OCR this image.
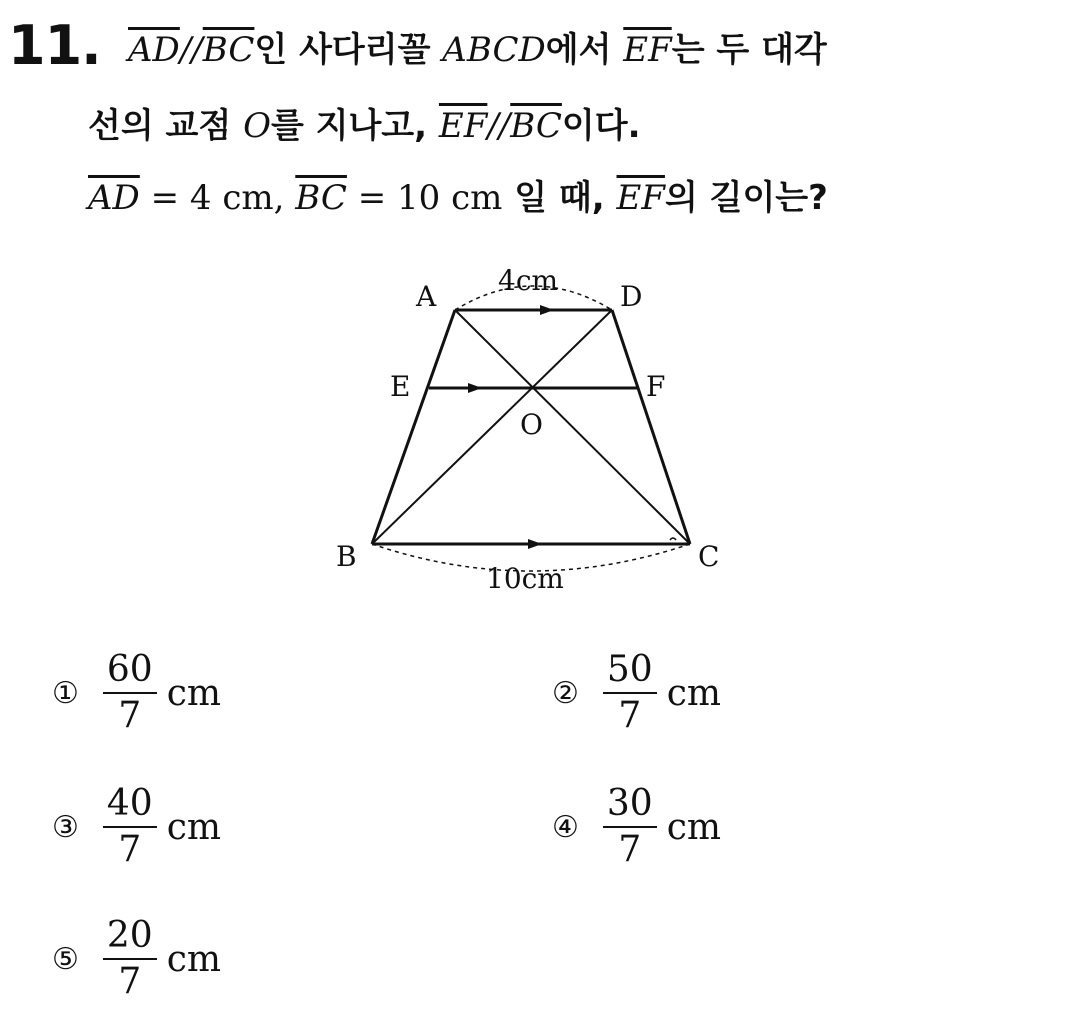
11. $\overline{AD}//\overline{BC}$인 사다리꼴 ABCD에서 $\overline{EF}$는 두 대각
선의 교점 O를 지나고, $\overline{EF}//\overline{BC}$이다.
$\overline{AD} = 4$ cm, $\overline{BC} = 10$ cm 일 때, $\overline{EF}$의 길이는?
A	D
E	F
O
B	C
4cm
10cm
① $\frac{60}{7}$ cm	② $\frac{50}{7}$ cm
③ $\frac{40}{7}$ cm	④ $\frac{30}{7}$ cm
⑤ $\frac{20}{7}$ cm
